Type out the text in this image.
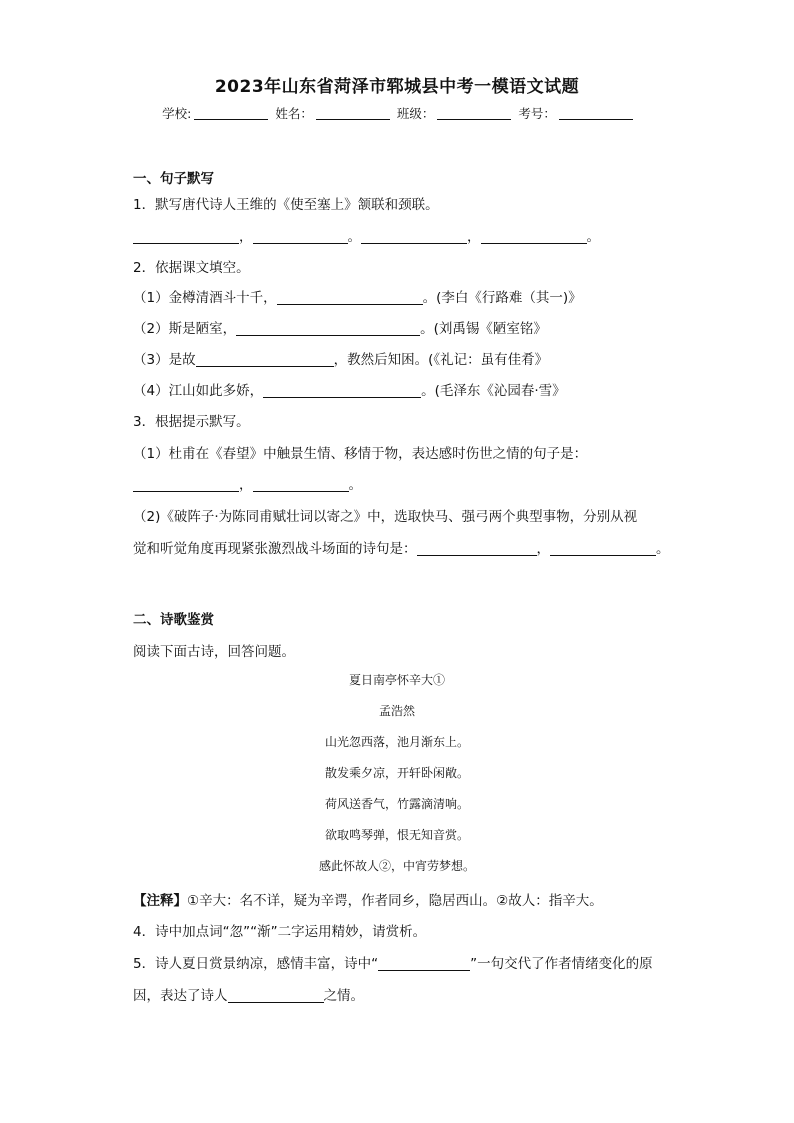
2023年山东省菏泽市郓城县中考一模语文试题
学校:	姓名：	班级：	考号：
一、句子默写
1．默写唐代诗人王维的《使至塞上》颔联和颈联。
，	。	，	。
2．依据课文填空。
（1）金樽清酒斗十千，	。(李白《行路难（其一)》
（2）斯是陋室，	。(刘禹锡《陋室铭》
（3）是故	，教然后知困。(《礼记：虽有佳肴》
（4）江山如此多娇，	。(毛泽东《沁园春·雪》
3．根据提示默写。
（1）杜甫在《春望》中触景生情、移情于物，表达感时伤世之情的句子是：
，	。
（2)《破阵子·为陈同甫赋壮词以寄之》中，选取快马、强弓两个典型事物，分别从视
觉和听觉角度再现紧张激烈战斗场面的诗句是：	，	。
二、诗歌鉴赏
阅读下面古诗，回答问题。
夏日南亭怀辛大①
孟浩然
山光忽西落，池月渐东上。
散发乘夕凉，开轩卧闲敞。
荷风送香气，竹露滴清响。
欲取鸣琴弹，恨无知音赏。
感此怀故人②，中宵劳梦想。
【注释】①辛大：名不详，疑为辛谔，作者同乡，隐居西山。②故人：指辛大。
4．诗中加点词“忽”“渐”二字运用精妙，请赏析。
5．诗人夏日赏景纳凉，感情丰富，诗中“	”一句交代了作者情绪变化的原
因，表达了诗人	之情。
